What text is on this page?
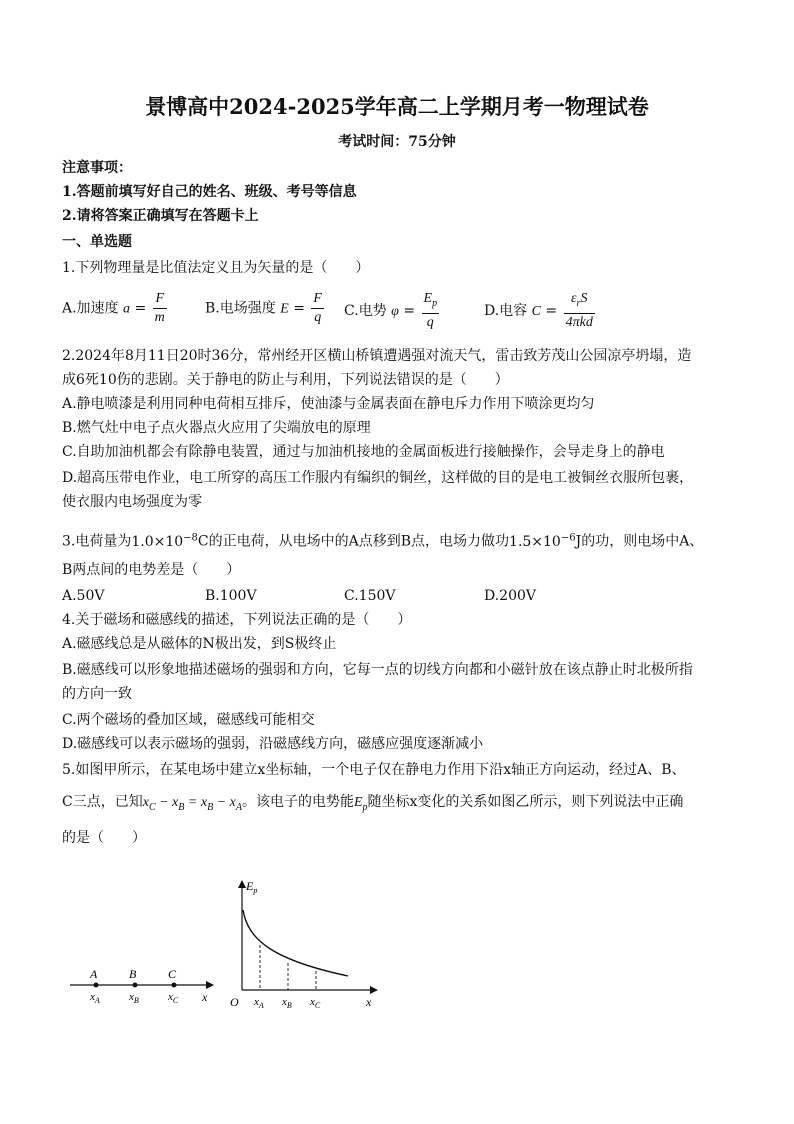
景博高中2024-2025学年高二上学期月考一物理试卷
考试时间：75分钟
注意事项：
1.答题前填写好自己的姓名、班级、考号等信息
2.请将答案正确填写在答题卡上
一、单选题
1.下列物理量是比值法定义且为矢量的是（　　）
A.加速度 $a = \frac{F}{m}$	B.电场强度 $E = \frac{F}{q} C$.电势 $\varphi = \frac{E_p}{q}$	D.电容 $C = \frac{\varepsilon_rS}{\text{4πkd}}$
2.2024年8月11日20时36分，常州经开区横山桥镇遭遇强对流天气，雷击致芳茂山公园凉亭坍塌，造
成6死10伤的悲剧。关于静电的防止与利用，下列说法错误的是（　　）
A.静电喷漆是利用同种电荷相互排斥，使油漆与金属表面在静电斥力作用下喷涂更均匀
B.燃气灶中电子点火器点火应用了尖端放电的原理
C.自助加油机都会有除静电装置，通过与加油机接地的金属面板进行接触操作，会导走身上的静电
D.超高压带电作业，电工所穿的高压工作服内有编织的铜丝，这样做的目的是电工被铜丝衣服所包裹，
使衣服内电场强度为零
3.电荷量为$1.0\times 10^{-8}C$的正电荷，从电场中的A点移到B点，电场力做功$1.5\times 10^{-6}J$的功，则电场中A、
B两点间的电势差是（　　）
A.50V	B.100V	C.150V	D.200V
4.关于磁场和磁感线的描述，下列说法正确的是（　　）
A.磁感线总是从磁体的N极出发，到S极终止
B.磁感线可以形象地描述磁场的强弱和方向，它每一点的切线方向都和小磁针放在该点静止时北极所指
的方向一致
C.两个磁场的叠加区域，磁感线可能相交
D.磁感线可以表示磁场的强弱，沿磁感线方向，磁感应强度逐渐减小
5.如图甲所示，在某电场中建立x坐标轴，一个电子仅在静电力作用下沿x轴正方向运动，经过A、B、
C三点，已知$x_C - x_B = x_B - x_A$。该电子的电势能$E_p$随坐标x变化的关系如图乙所示，则下列说法中正确
的是（　　）
A	B	C
$x_A$	$x_B$	$x_C$ x
$E_p$
O $x_A$ $x_B$ $x_C$	x
